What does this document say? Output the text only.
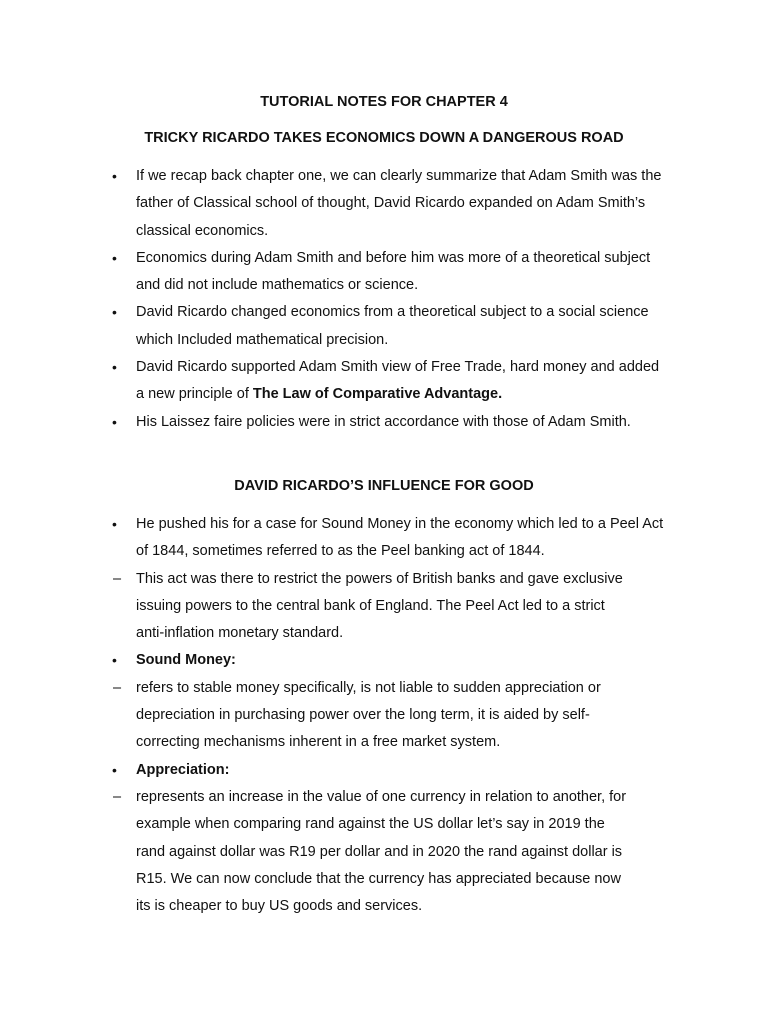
TUTORIAL NOTES FOR CHAPTER 4
TRICKY RICARDO TAKES ECONOMICS DOWN A DANGEROUS ROAD
• If we recap back chapter one, we can clearly summarize that Adam Smith was the father of Classical school of thought, David Ricardo expanded on Adam Smith’s classical economics.
• Economics during Adam Smith and before him was more of a theoretical subject and did not include mathematics or science.
• David Ricardo changed economics from a theoretical subject to a social science which Included mathematical precision.
• David Ricardo supported Adam Smith view of Free Trade, hard money and added a new principle of The Law of Comparative Advantage.
• His Laissez faire policies were in strict accordance with those of Adam Smith.
DAVID RICARDO’S INFLUENCE FOR GOOD
• He pushed his for a case for Sound Money in the economy which led to a Peel Act of 1844, sometimes referred to as the Peel banking act of 1844.
– This act was there to restrict the powers of British banks and gave exclusive issuing powers to the central bank of England. The Peel Act led to a strict anti-inflation monetary standard.
• Sound Money:
– refers to stable money specifically, is not liable to sudden appreciation or depreciation in purchasing power over the long term, it is aided by self-correcting mechanisms inherent in a free market system.
• Appreciation:
– represents an increase in the value of one currency in relation to another, for example when comparing rand against the US dollar let’s say in 2019 the rand against dollar was R19 per dollar and in 2020 the rand against dollar is R15. We can now conclude that the currency has appreciated because now its is cheaper to buy US goods and services.
